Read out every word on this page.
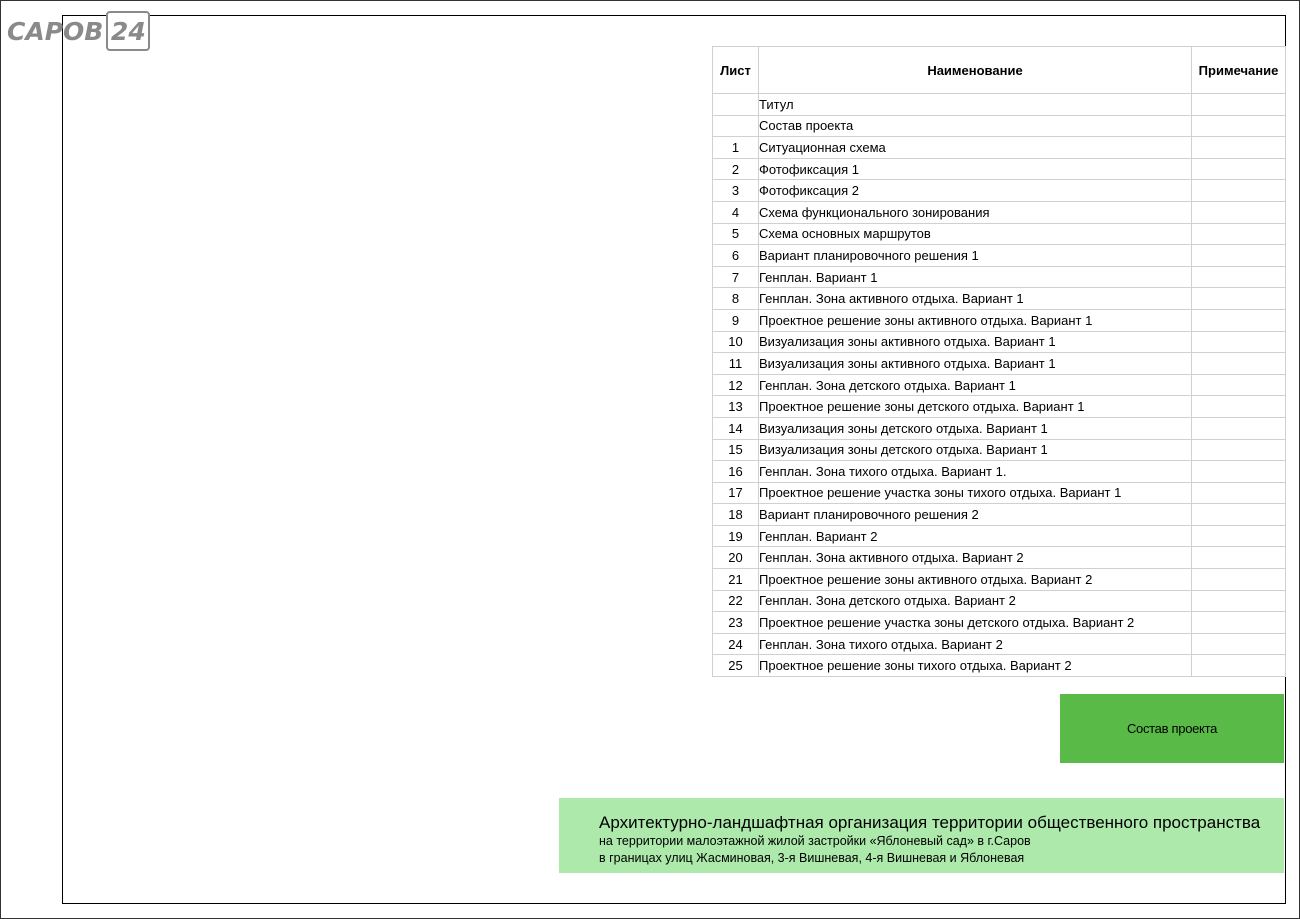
САРОВ 24
Лист	Наименование	Примечание
	Титул	
	Состав проекта	
1	Ситуационная схема	
2	Фотофиксация 1	
3	Фотофиксация 2	
4	Схема функционального зонирования	
5	Схема основных маршрутов	
6	Вариант планировочного решения 1	
7	Генплан. Вариант 1	
8	Генплан. Зона активного отдыха. Вариант 1	
9	Проектное решение зоны активного отдыха. Вариант 1	
10	Визуализация зоны активного отдыха. Вариант 1	
11	Визуализация зоны активного отдыха. Вариант 1	
12	Генплан. Зона детского отдыха. Вариант 1	
13	Проектное решение зоны детского отдыха. Вариант 1	
14	Визуализация зоны детского отдыха. Вариант 1	
15	Визуализация зоны детского отдыха. Вариант 1	
16	Генплан. Зона тихого отдыха. Вариант 1.	
17	Проектное решение участка зоны тихого отдыха. Вариант 1	
18	Вариант планировочного решения 2	
19	Генплан. Вариант 2	
20	Генплан. Зона активного отдыха. Вариант 2	
21	Проектное решение зоны активного отдыха. Вариант 2	
22	Генплан. Зона детского отдыха. Вариант 2	
23	Проектное решение участка зоны детского отдыха. Вариант 2	
24	Генплан. Зона тихого отдыха. Вариант 2	
25	Проектное решение зоны тихого отдыха. Вариант 2	
Состав проекта
Архитектурно-ландшафтная организация территории общественного пространства
на территории малоэтажной жилой застройки «Яблоневый сад» в г.Саров
в границах улиц Жасминовая, 3-я Вишневая, 4-я Вишневая и Яблоневая
